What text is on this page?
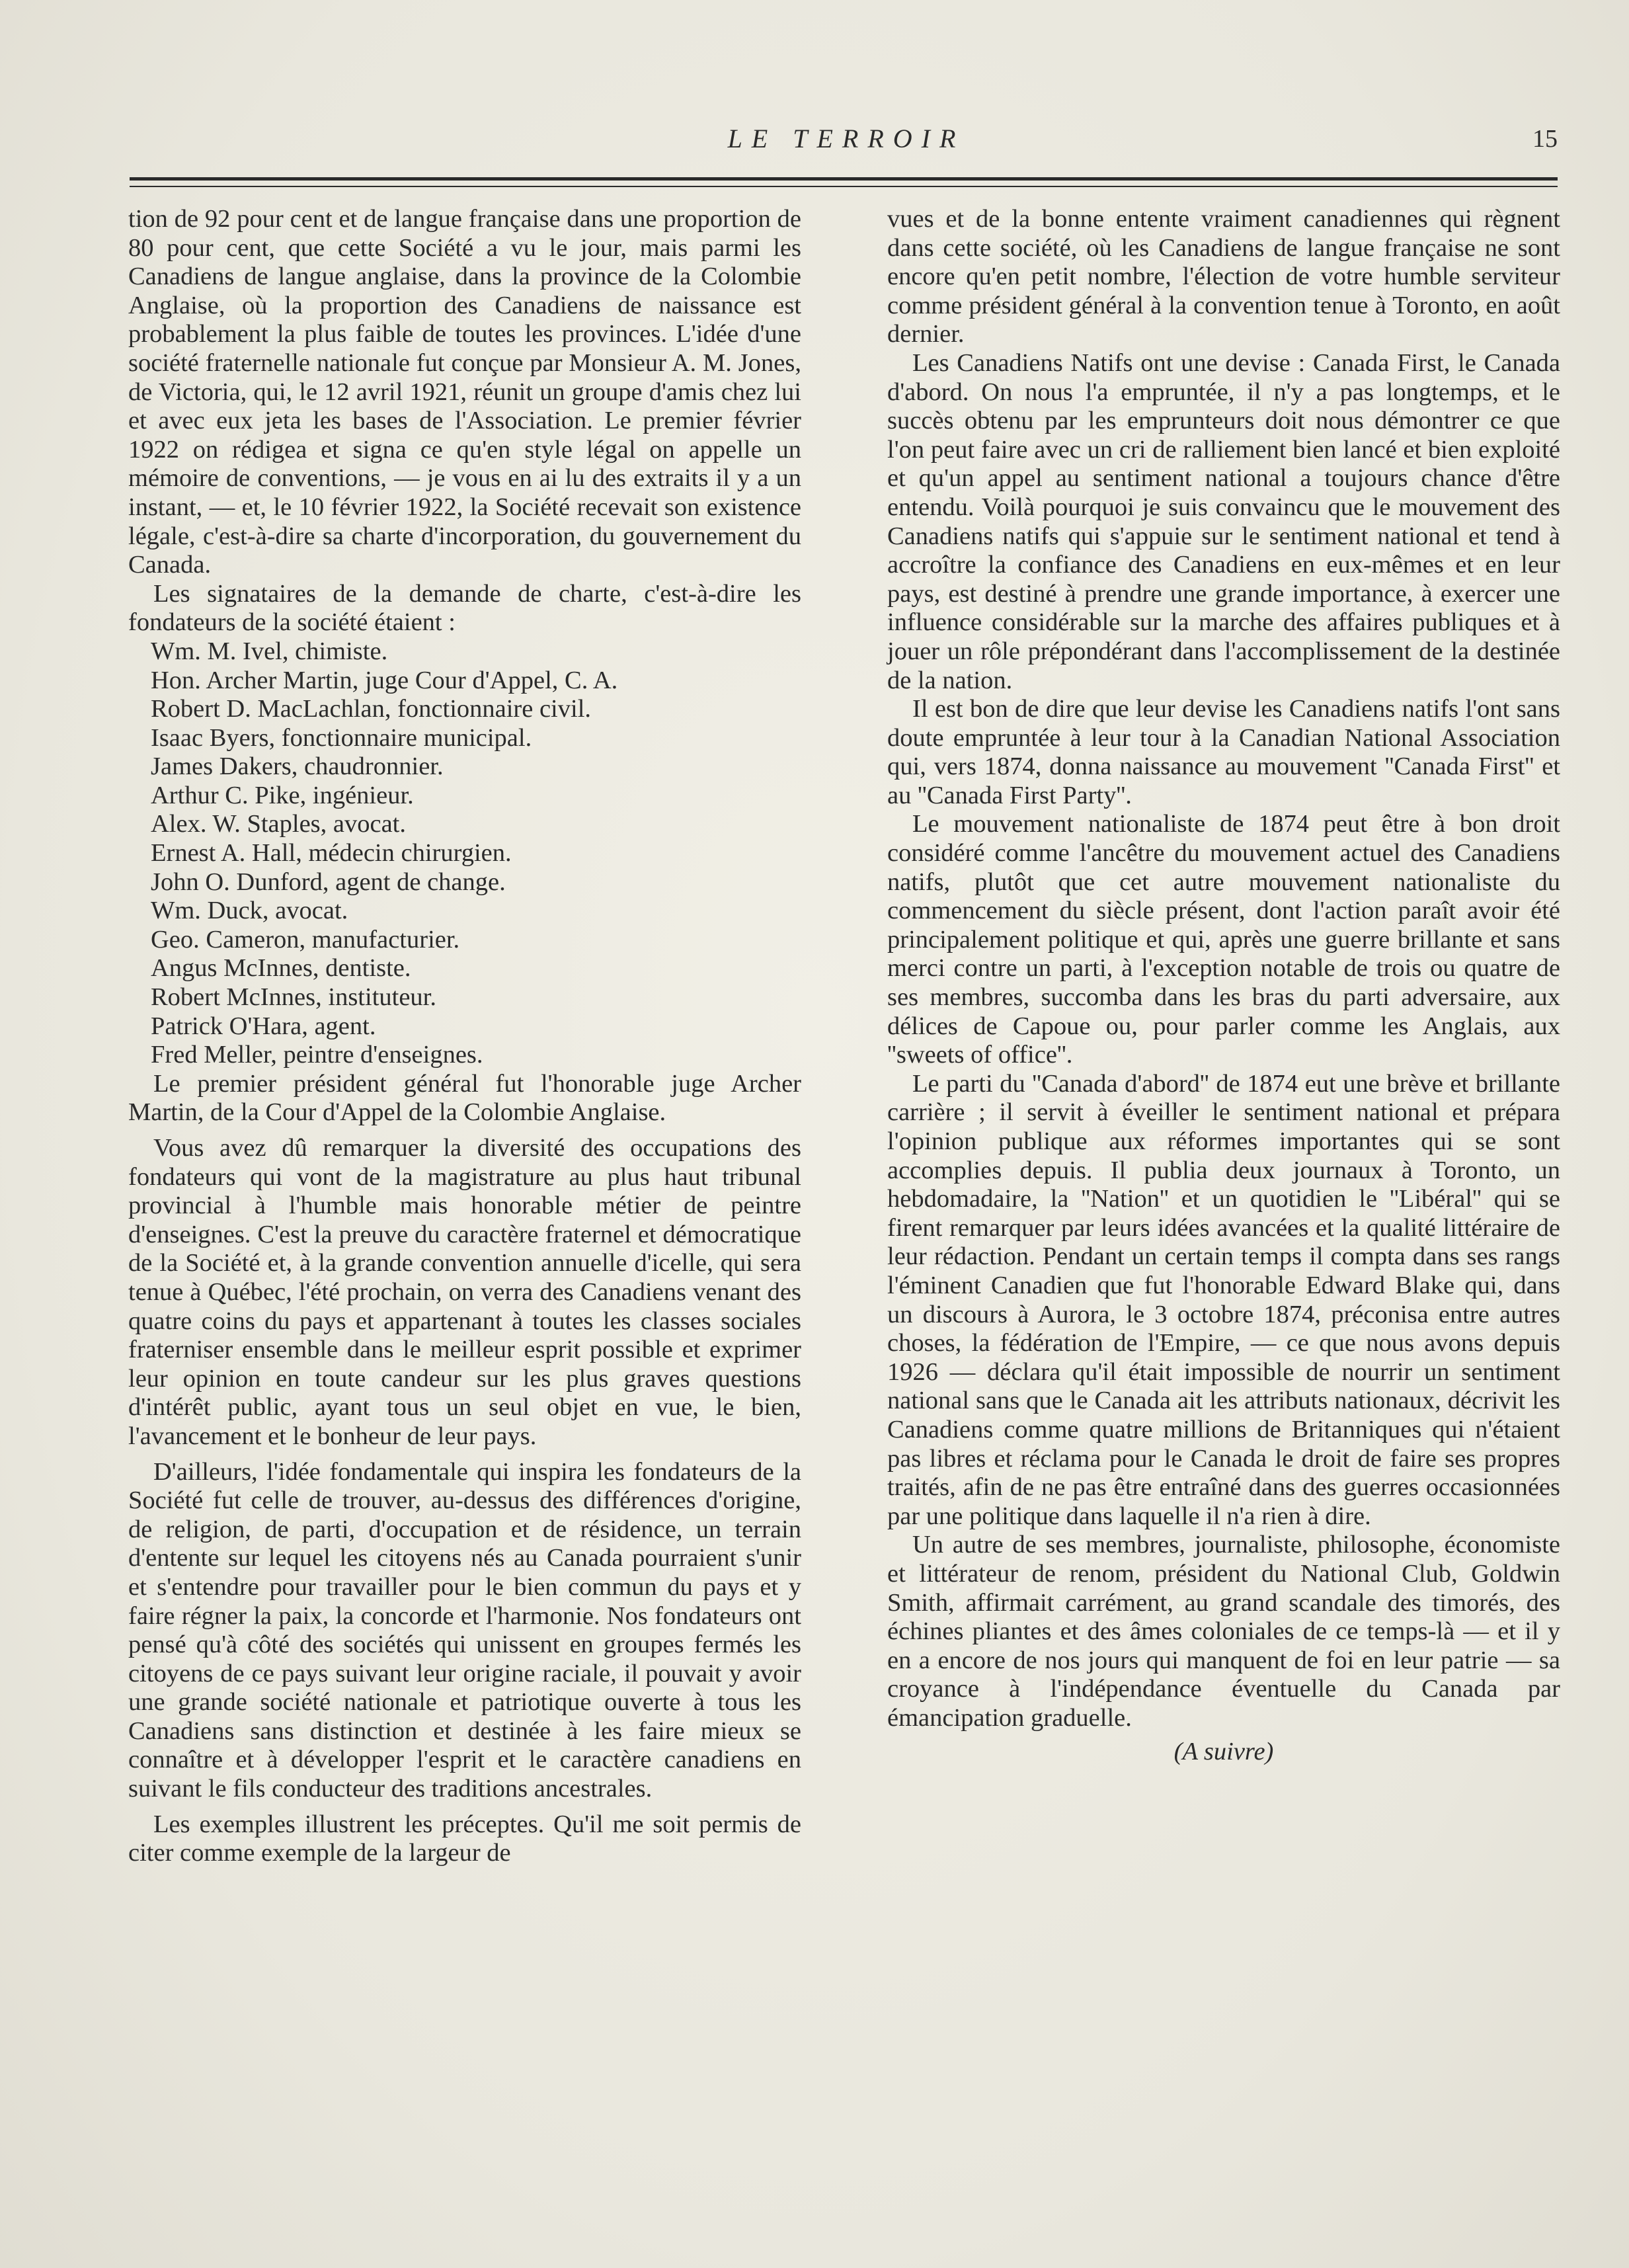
LE TERROIR	15

tion de 92 pour cent et de langue française dans une proportion de 80 pour cent, que cette Société a vu le jour, mais parmi les Canadiens de langue anglaise, dans la province de la Colombie Anglaise, où la proportion des Canadiens de naissance est probablement la plus faible de toutes les provinces. L'idée d'une société fraternelle nationale fut conçue par Monsieur A. M. Jones, de Victoria, qui, le 12 avril 1921, réunit un groupe d'amis chez lui et avec eux jeta les bases de l'Association. Le premier février 1922 on rédigea et signa ce qu'en style légal on appelle un mémoire de conventions, — je vous en ai lu des extraits il y a un instant, — et, le 10 février 1922, la Société recevait son existence légale, c'est-à-dire sa charte d'incorporation, du gouvernement du Canada.

Les signataires de la demande de charte, c'est-à-dire les fondateurs de la société étaient :

Wm. M. Ivel, chimiste.
Hon. Archer Martin, juge Cour d'Appel, C. A.
Robert D. MacLachlan, fonctionnaire civil.
Isaac Byers, fonctionnaire municipal.
James Dakers, chaudronnier.
Arthur C. Pike, ingénieur.
Alex. W. Staples, avocat.
Ernest A. Hall, médecin chirurgien.
John O. Dunford, agent de change.
Wm. Duck, avocat.
Geo. Cameron, manufacturier.
Angus McInnes, dentiste.
Robert McInnes, instituteur.
Patrick O'Hara, agent.
Fred Meller, peintre d'enseignes.

Le premier président général fut l'honorable juge Archer Martin, de la Cour d'Appel de la Colombie Anglaise.

Vous avez dû remarquer la diversité des occupations des fondateurs qui vont de la magistrature au plus haut tribunal provincial à l'humble mais honorable métier de peintre d'enseignes. C'est la preuve du caractère fraternel et démocratique de la Société et, à la grande convention annuelle d'icelle, qui sera tenue à Québec, l'été prochain, on verra des Canadiens venant des quatre coins du pays et appartenant à toutes les classes sociales fraterniser ensemble dans le meilleur esprit possible et exprimer leur opinion en toute candeur sur les plus graves questions d'intérêt public, ayant tous un seul objet en vue, le bien, l'avancement et le bonheur de leur pays.

D'ailleurs, l'idée fondamentale qui inspira les fondateurs de la Société fut celle de trouver, au-dessus des différences d'origine, de religion, de parti, d'occupation et de résidence, un terrain d'entente sur lequel les citoyens nés au Canada pourraient s'unir et s'entendre pour travailler pour le bien commun du pays et y faire régner la paix, la concorde et l'harmonie. Nos fondateurs ont pensé qu'à côté des sociétés qui unissent en groupes fermés les citoyens de ce pays suivant leur origine raciale, il pouvait y avoir une grande société nationale et patriotique ouverte à tous les Canadiens sans distinction et destinée à les faire mieux se connaître et à développer l'esprit et le caractère canadiens en suivant le fils conducteur des traditions ancestrales.

Les exemples illustrent les préceptes. Qu'il me soit permis de citer comme exemple de la largeur de

vues et de la bonne entente vraiment canadiennes qui règnent dans cette société, où les Canadiens de langue française ne sont encore qu'en petit nombre, l'élection de votre humble serviteur comme président général à la convention tenue à Toronto, en août dernier.

Les Canadiens Natifs ont une devise : Canada First, le Canada d'abord. On nous l'a empruntée, il n'y a pas longtemps, et le succès obtenu par les emprunteurs doit nous démontrer ce que l'on peut faire avec un cri de ralliement bien lancé et bien exploité et qu'un appel au sentiment national a toujours chance d'être entendu. Voilà pourquoi je suis convaincu que le mouvement des Canadiens natifs qui s'appuie sur le sentiment national et tend à accroître la confiance des Canadiens en eux-mêmes et en leur pays, est destiné à prendre une grande importance, à exercer une influence considérable sur la marche des affaires publiques et à jouer un rôle prépondérant dans l'accomplissement de la destinée de la nation.

Il est bon de dire que leur devise les Canadiens natifs l'ont sans doute empruntée à leur tour à la Canadian National Association qui, vers 1874, donna naissance au mouvement ''Canada First'' et au ''Canada First Party''.

Le mouvement nationaliste de 1874 peut être à bon droit considéré comme l'ancêtre du mouvement actuel des Canadiens natifs, plutôt que cet autre mouvement nationaliste du commencement du siècle présent, dont l'action paraît avoir été principalement politique et qui, après une guerre brillante et sans merci contre un parti, à l'exception notable de trois ou quatre de ses membres, succomba dans les bras du parti adversaire, aux délices de Capoue ou, pour parler comme les Anglais, aux ''sweets of office''.

Le parti du ''Canada d'abord'' de 1874 eut une brève et brillante carrière ; il servit à éveiller le sentiment national et prépara l'opinion publique aux réformes importantes qui se sont accomplies depuis. Il publia deux journaux à Toronto, un hebdomadaire, la ''Nation'' et un quotidien le ''Libéral'' qui se firent remarquer par leurs idées avancées et la qualité littéraire de leur rédaction. Pendant un certain temps il compta dans ses rangs l'éminent Canadien que fut l'honorable Edward Blake qui, dans un discours à Aurora, le 3 octobre 1874, préconisa entre autres choses, la fédération de l'Empire, — ce que nous avons depuis 1926 — déclara qu'il était impossible de nourrir un sentiment national sans que le Canada ait les attributs nationaux, décrivit les Canadiens comme quatre millions de Britanniques qui n'étaient pas libres et réclama pour le Canada le droit de faire ses propres traités, afin de ne pas être entraîné dans des guerres occasionnées par une politique dans laquelle il n'a rien à dire.

Un autre de ses membres, journaliste, philosophe, économiste et littérateur de renom, président du National Club, Goldwin Smith, affirmait carrément, au grand scandale des timorés, des échines pliantes et des âmes coloniales de ce temps-là — et il y en a encore de nos jours qui manquent de foi en leur patrie — sa croyance à l'indépendance éventuelle du Canada par émancipation graduelle.

(A suivre)
